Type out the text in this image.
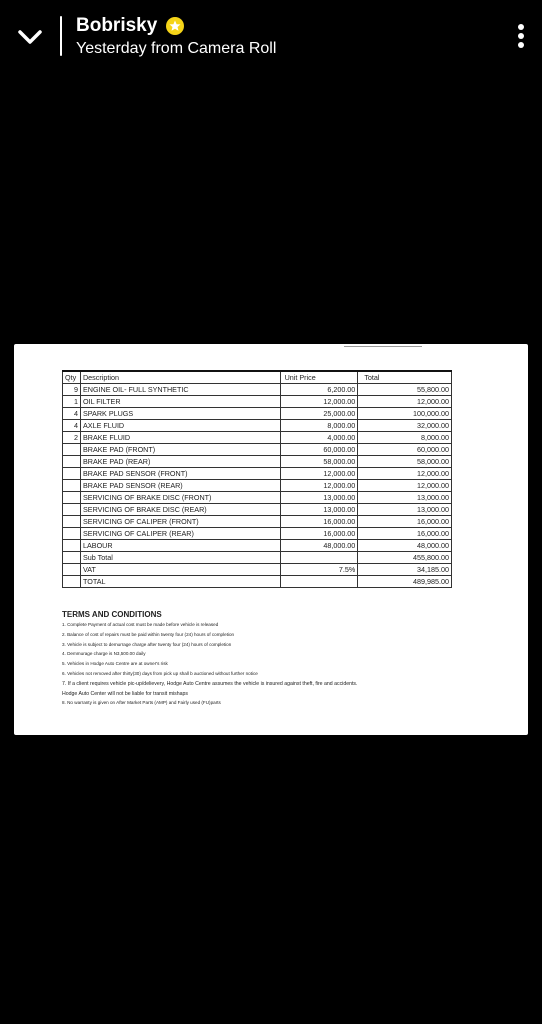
Bobrisky
Yesterday from Camera Roll
Qty	Description	Unit Price	Total
9	ENGINE OIL- FULL SYNTHETIC	6,200.00	55,800.00
1	OIL FILTER	12,000.00	12,000.00
4	SPARK PLUGS	25,000.00	100,000.00
4	AXLE FLUID	8,000.00	32,000.00
2	BRAKE FLUID	4,000.00	8,000.00
	BRAKE PAD (FRONT)	60,000.00	60,000.00
	BRAKE PAD (REAR)	58,000.00	58,000.00
	BRAKE PAD SENSOR (FRONT)	12,000.00	12,000.00
	BRAKE PAD SENSOR (REAR)	12,000.00	12,000.00
	SERVICING OF BRAKE DISC (FRONT)	13,000.00	13,000.00
	SERVICING OF BRAKE DISC (REAR)	13,000.00	13,000.00
	SERVICING OF CALIPER (FRONT)	16,000.00	16,000.00
	SERVICING OF CALIPER (REAR)	16,000.00	16,000.00
	LABOUR	48,000.00	48,000.00
	Sub Total		455,800.00
	VAT	7.5%	34,185.00
	TOTAL		489,985.00
TERMS AND CONDITIONS
1. Complete Payment of actual cost must be made before vehicle is released
2. Balance of cost of repairs must be paid within twenty four (24) hours of completion
3. Vehicle is subject to demurrage charge after twenty four (24) hours of completion
4. Demmurage charge is N3,500.00 daily
5. Vehicles in Hodge Auto Centre are at owner's risk
6. Vehicles not removed after thirty(30) days from pick up shall b auctioned without further notice
7. If a client requires vehicle pic-up/delievery, Hodge Auto Centre assumes the vehicle is insured against theft, fire and accidents.
Hodge Auto Center will not be liable for transit mishaps
8. No warranty is given on After Market Parts (AMP) and Fairly used (FU)parts
